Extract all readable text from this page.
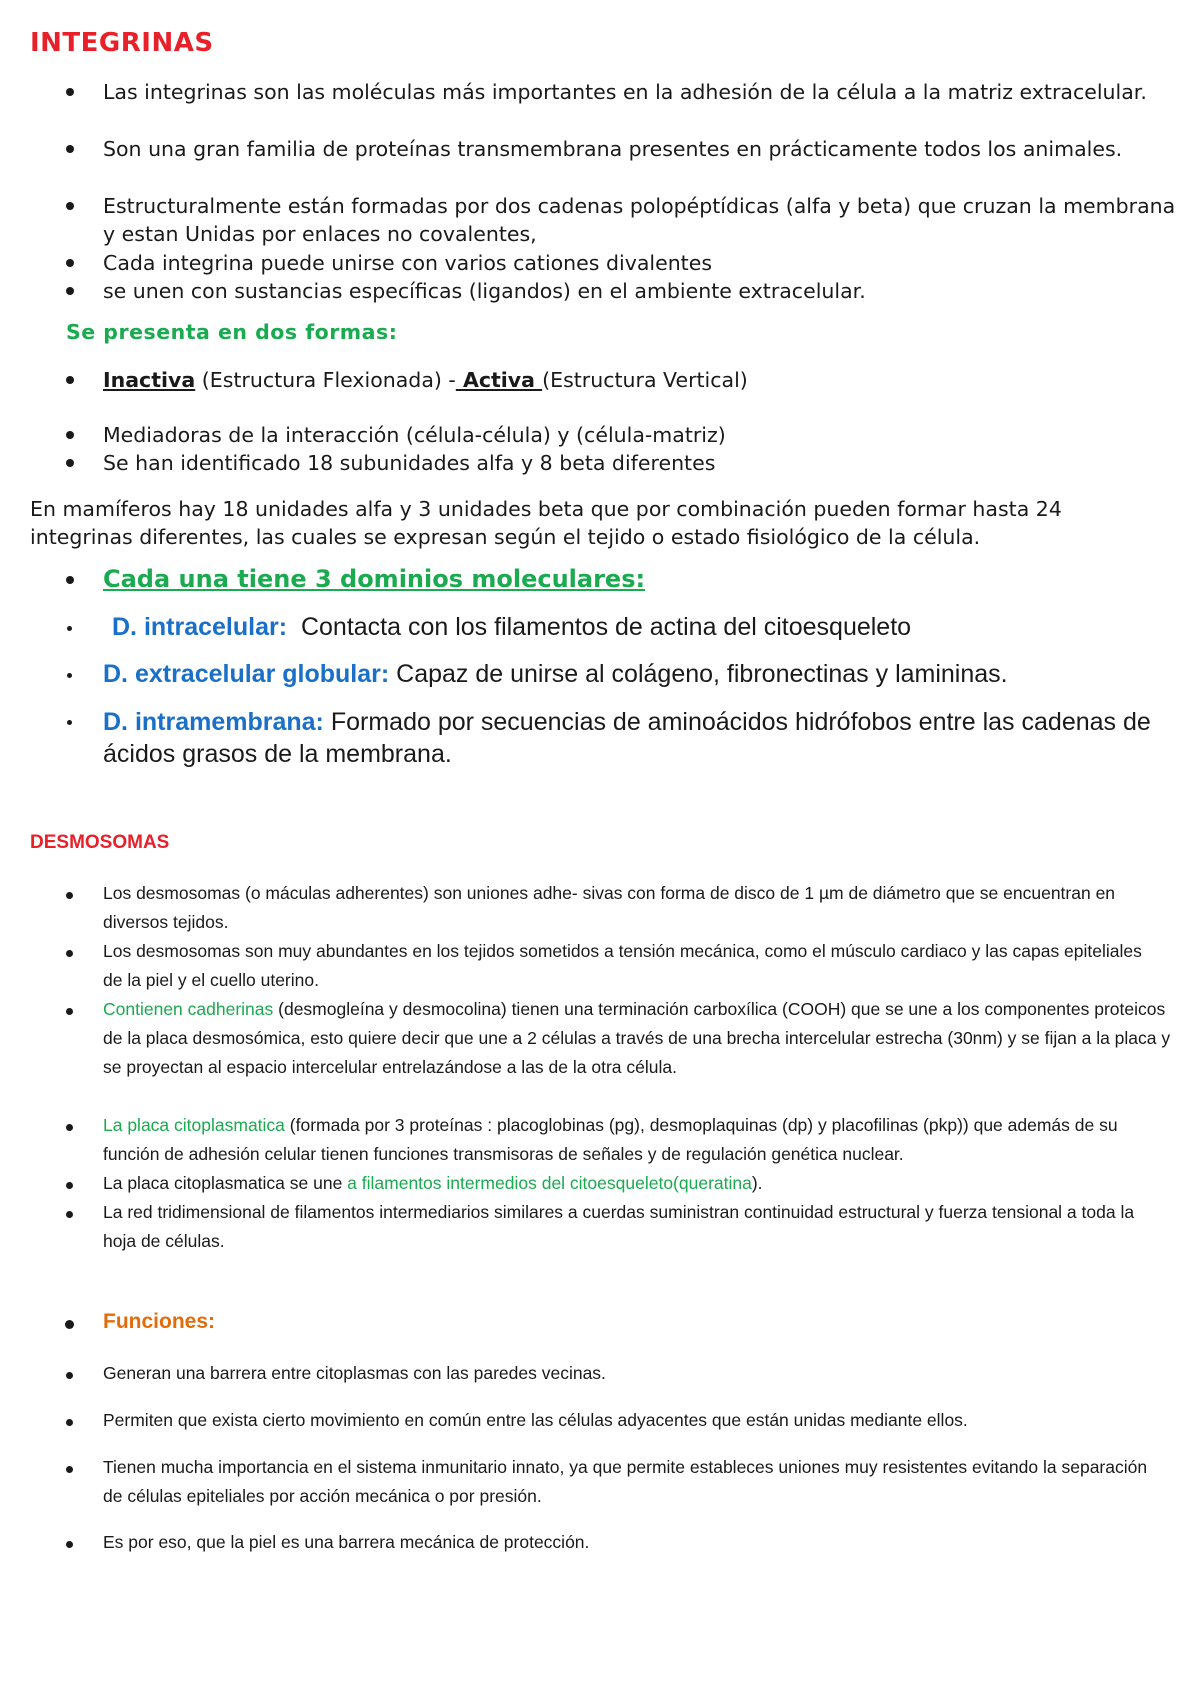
INTEGRINAS
Las integrinas son las moléculas más importantes en la adhesión de la célula a la matriz extracelular.
Son una gran familia de proteínas transmembrana presentes en prácticamente todos los animales.
Estructuralmente están formadas por dos cadenas polopéptídicas (alfa y beta) que cruzan la membrana y estan Unidas por enlaces no covalentes,
Cada integrina puede unirse con varios cationes divalentes
se unen con sustancias específicas (ligandos) en el ambiente extracelular.
Se presenta en dos formas:
Inactiva (Estructura Flexionada) - Activa (Estructura Vertical)
Mediadoras de la interacción (célula-célula) y (célula-matriz)
Se han identificado 18 subunidades alfa y 8 beta diferentes
En mamíferos hay 18 unidades alfa y 3 unidades beta que por combinación pueden formar hasta 24 integrinas diferentes, las cuales se expresan según el tejido o estado fisiológico de la célula.
Cada una tiene 3 dominios moleculares:
D. intracelular: Contacta con los filamentos de actina del citoesqueleto
D. extracelular globular: Capaz de unirse al colágeno, fibronectinas y lamininas.
D. intramembrana: Formado por secuencias de aminoácidos hidrófobos entre las cadenas de ácidos grasos de la membrana.
DESMOSOMAS
Los desmosomas (o máculas adherentes) son uniones adhe- sivas con forma de disco de 1 µm de diámetro que se encuentran en diversos tejidos.
Los desmosomas son muy abundantes en los tejidos sometidos a tensión mecánica, como el músculo cardiaco y las capas epiteliales de la piel y el cuello uterino.
Contienen cadherinas (desmogleína y desmocolina) tienen una terminación carboxílica (COOH) que se une a los componentes proteicos de la placa desmosómica, esto quiere decir que une a 2 células a través de una brecha intercelular estrecha (30nm) y se fijan a la placa y se proyectan al espacio intercelular entrelazándose a las de la otra célula.
La placa citoplasmatica (formada por 3 proteínas : placoglobinas (pg), desmoplaquinas (dp) y placofilinas (pkp)) que además de su función de adhesión celular tienen funciones transmisoras de señales y de regulación genética nuclear.
La placa citoplasmatica se une a filamentos intermedios del citoesqueleto(queratina).
La red tridimensional de filamentos intermediarios similares a cuerdas suministran continuidad estructural y fuerza tensional a toda la hoja de células.
Funciones:
Generan una barrera entre citoplasmas con las paredes vecinas.
Permiten que exista cierto movimiento en común entre las células adyacentes que están unidas mediante ellos.
Tienen mucha importancia en el sistema inmunitario innato, ya que permite estableces uniones muy resistentes evitando la separación de células epiteliales por acción mecánica o por presión.
Es por eso, que la piel es una barrera mecánica de protección.
